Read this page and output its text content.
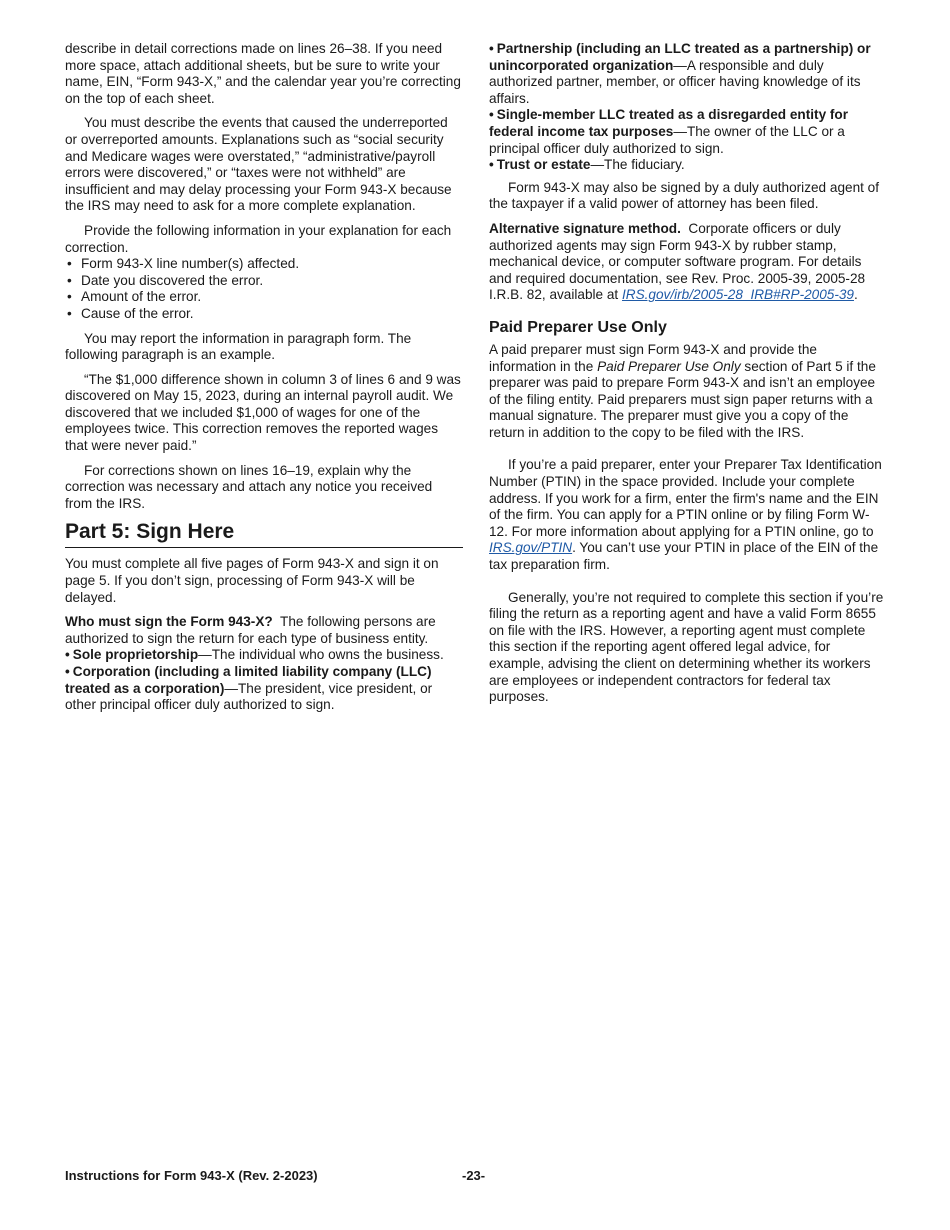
describe in detail corrections made on lines 26–38. If you need more space, attach additional sheets, but be sure to write your name, EIN, “Form 943-X,” and the calendar year you’re correcting on the top of each sheet.

You must describe the events that caused the underreported or overreported amounts. Explanations such as “social security and Medicare wages were overstated,” “administrative/payroll errors were discovered,” or “taxes were not withheld” are insufficient and may delay processing your Form 943-X because the IRS may need to ask for a more complete explanation.

Provide the following information in your explanation for each correction.

• Form 943-X line number(s) affected.
• Date you discovered the error.
• Amount of the error.
• Cause of the error.

You may report the information in paragraph form. The following paragraph is an example.

“The $1,000 difference shown in column 3 of lines 6 and 9 was discovered on May 15, 2023, during an internal payroll audit. We discovered that we included $1,000 of wages for one of the employees twice. This correction removes the reported wages that were never paid.”

For corrections shown on lines 16–19, explain why the correction was necessary and attach any notice you received from the IRS.

Part 5: Sign Here

You must complete all five pages of Form 943-X and sign it on page 5. If you don’t sign, processing of Form 943-X will be delayed.

Who must sign the Form 943-X? The following persons are authorized to sign the return for each type of business entity.

• Sole proprietorship—The individual who owns the business.

• Corporation (including a limited liability company (LLC) treated as a corporation)—The president, vice president, or other principal officer duly authorized to sign.

• Partnership (including an LLC treated as a partnership) or unincorporated organization—A responsible and duly authorized partner, member, or officer having knowledge of its affairs.

• Single-member LLC treated as a disregarded entity for federal income tax purposes—The owner of the LLC or a principal officer duly authorized to sign.

• Trust or estate—The fiduciary.

Form 943-X may also be signed by a duly authorized agent of the taxpayer if a valid power of attorney has been filed.

Alternative signature method. Corporate officers or duly authorized agents may sign Form 943-X by rubber stamp, mechanical device, or computer software program. For details and required documentation, see Rev. Proc. 2005-39, 2005-28 I.R.B. 82, available at IRS.gov/irb/2005-28_IRB#RP-2005-39.

Paid Preparer Use Only

A paid preparer must sign Form 943-X and provide the information in the Paid Preparer Use Only section of Part 5 if the preparer was paid to prepare Form 943-X and isn’t an employee of the filing entity. Paid preparers must sign paper returns with a manual signature. The preparer must give you a copy of the return in addition to the copy to be filed with the IRS.

If you’re a paid preparer, enter your Preparer Tax Identification Number (PTIN) in the space provided. Include your complete address. If you work for a firm, enter the firm's name and the EIN of the firm. You can apply for a PTIN online or by filing Form W-12. For more information about applying for a PTIN online, go to IRS.gov/PTIN. You can’t use your PTIN in place of the EIN of the tax preparation firm.

Generally, you’re not required to complete this section if you’re filing the return as a reporting agent and have a valid Form 8655 on file with the IRS. However, a reporting agent must complete this section if the reporting agent offered legal advice, for example, advising the client on determining whether its workers are employees or independent contractors for federal tax purposes.

Instructions for Form 943-X (Rev. 2-2023)	-23-
